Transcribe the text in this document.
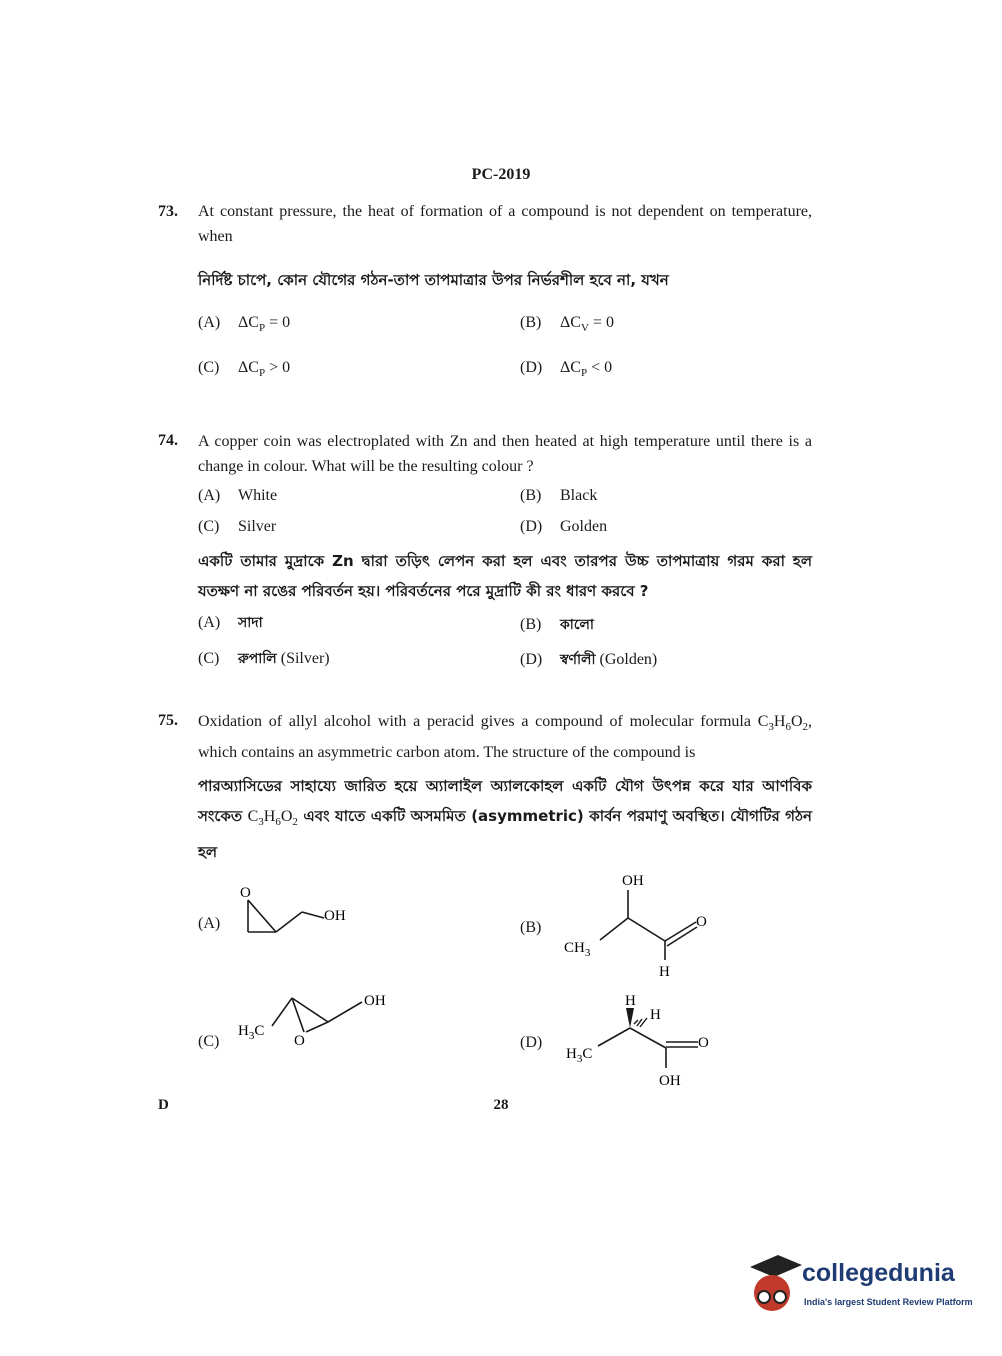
PC-2019
73. At constant pressure, the heat of formation of a compound is not dependent on temperature, when
নির্দিষ্ট চাপে, কোন যৌগের গঠন-তাপ তাপমাত্রার উপর নির্ভরশীল হবে না, যখন
(A) $\Delta C_P = 0$	(B) $\Delta C_V = 0$
(C) $\Delta C_P > 0$	(D) $\Delta C_P < 0$
74. A copper coin was electroplated with Zn and then heated at high temperature until there is a change in colour. What will be the resulting colour ?
(A) White	(B) Black
(C) Silver	(D) Golden
একটি তামার মুদ্রাকে Zn দ্বারা তড়িৎ লেপন করা হল এবং তারপর উচ্চ তাপমাত্রায় গরম করা হল যতক্ষণ না রঙের পরিবর্তন হয়। পরিবর্তনের পরে মুদ্রাটি কী রং ধারণ করবে ?
(A) সাদা	(B) কালো
(C) রুপালি (Silver)	(D) স্বর্ণালী (Golden)
75. Oxidation of allyl alcohol with a peracid gives a compound of molecular formula $C_3H_6O_2$, which contains an asymmetric carbon atom. The structure of the compound is
পারঅ্যাসিডের সাহায্যে জারিত হয়ে অ্যালাইল অ্যালকোহল একটি যৌগ উৎপন্ন করে যার আণবিক সংকেত $C_3H_6O_2$ এবং যাতে একটি অসমমিত (asymmetric) কার্বন পরমাণু অবস্থিত। যৌগটির গঠন হল
(A)
O
OH
(B)
OH
$CH_3$
O
H
(C)
$H_3C$
O
OH
(D)
H
H
$H_3C$
O
OH
D	28
collegedunia
India's largest Student Review Platform
